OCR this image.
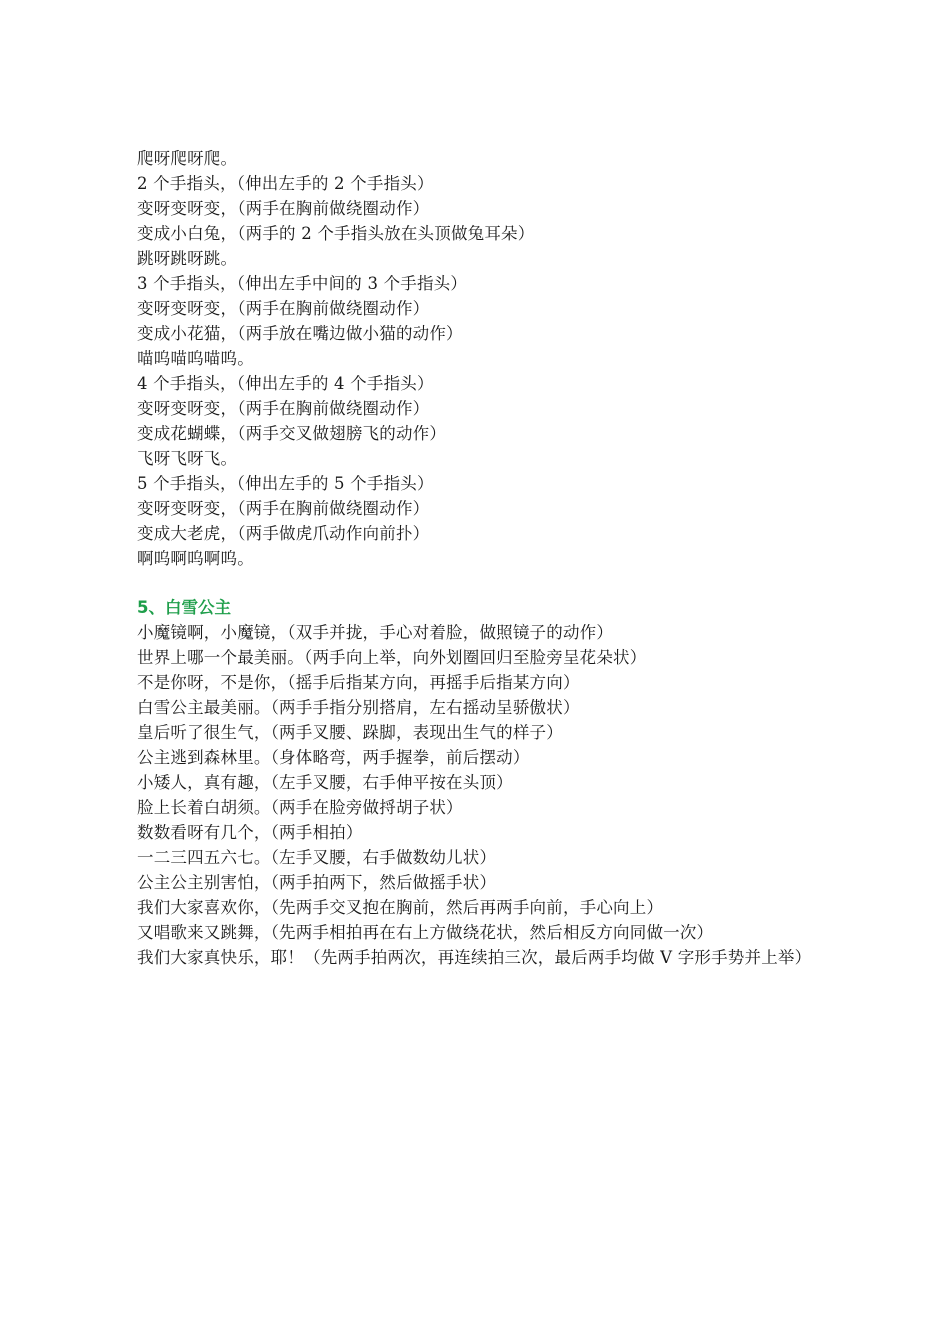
爬呀爬呀爬。
2 个手指头，（伸出左手的 2 个手指头）
变呀变呀变，（两手在胸前做绕圈动作）
变成小白兔，（两手的 2 个手指头放在头顶做兔耳朵）
跳呀跳呀跳。
3 个手指头，（伸出左手中间的 3 个手指头）
变呀变呀变，（两手在胸前做绕圈动作）
变成小花猫，（两手放在嘴边做小猫的动作）
喵呜喵呜喵呜。
4 个手指头，（伸出左手的 4 个手指头）
变呀变呀变，（两手在胸前做绕圈动作）
变成花蝴蝶，（两手交叉做翅膀飞的动作）
飞呀飞呀飞。
5 个手指头，（伸出左手的 5 个手指头）
变呀变呀变，（两手在胸前做绕圈动作）
变成大老虎，（两手做虎爪动作向前扑）
啊呜啊呜啊呜。
5、白雪公主
小魔镜啊，小魔镜，（双手并拢，手心对着脸，做照镜子的动作）
世界上哪一个最美丽。（两手向上举，向外划圈回归至脸旁呈花朵状）
不是你呀，不是你，（摇手后指某方向，再摇手后指某方向）
白雪公主最美丽。（两手手指分别搭肩，左右摇动呈骄傲状）
皇后听了很生气，（两手叉腰、跺脚，表现出生气的样子）
公主逃到森林里。（身体略弯，两手握拳，前后摆动）
小矮人，真有趣，（左手叉腰，右手伸平按在头顶）
脸上长着白胡须。（两手在脸旁做捋胡子状）
数数看呀有几个，（两手相拍）
一二三四五六七。（左手叉腰，右手做数幼儿状）
公主公主别害怕，（两手拍两下，然后做摇手状）
我们大家喜欢你，（先两手交叉抱在胸前，然后再两手向前，手心向上）
又唱歌来又跳舞，（先两手相拍再在右上方做绕花状，然后相反方向同做一次）
我们大家真快乐，耶！（先两手拍两次，再连续拍三次，最后两手均做 V 字形手势并上举）
